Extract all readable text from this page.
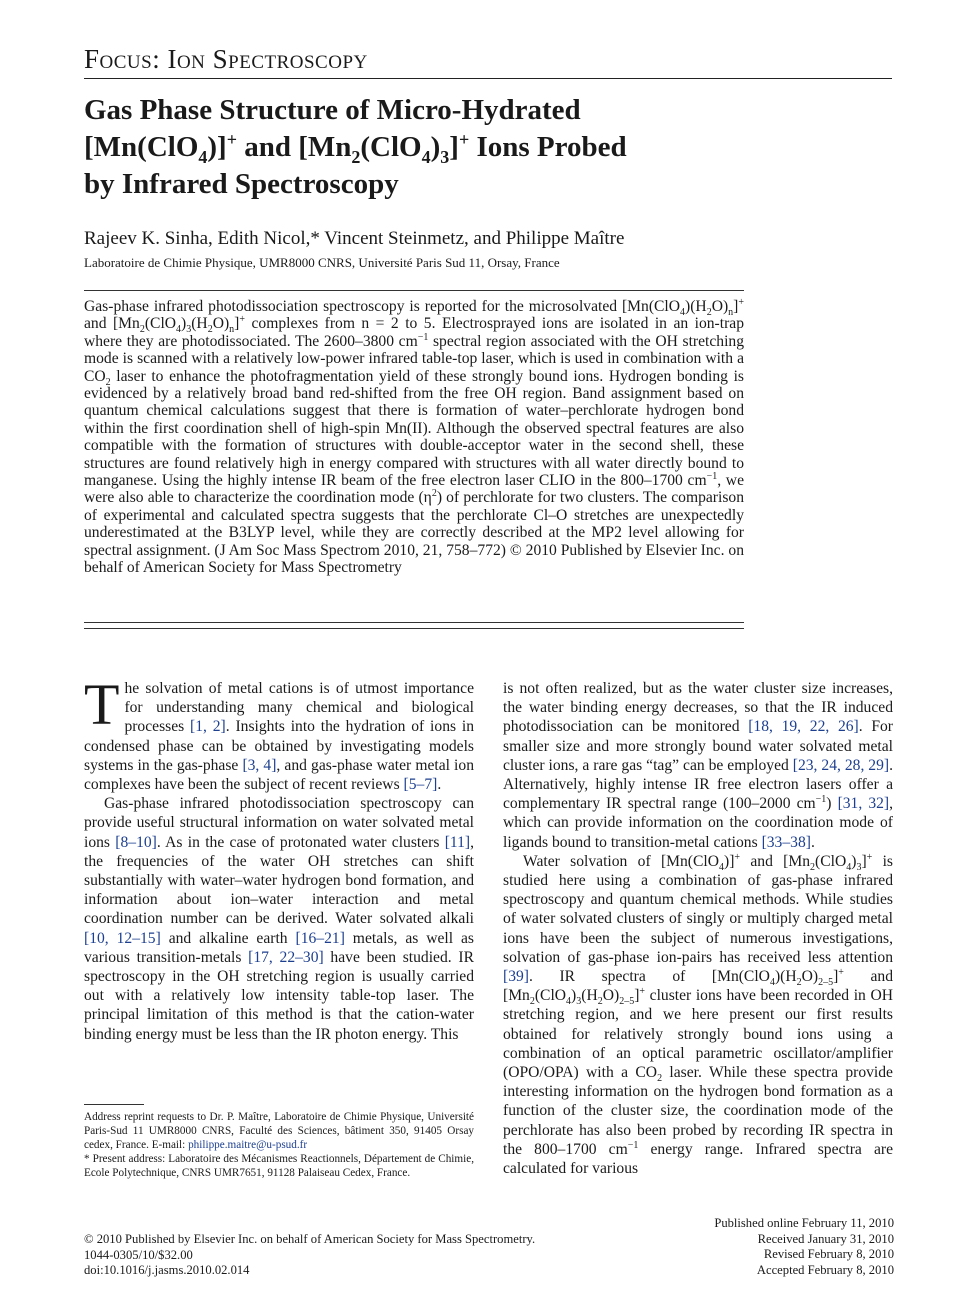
Focus: Ion Spectroscopy
Gas Phase Structure of Micro-Hydrated
[Mn(ClO$_4$)]+ and $[Mn_2(ClO_4)_3]^+$ Ions Probed
by Infrared Spectroscopy
Rajeev K. Sinha, Edith Nicol,* Vincent Steinmetz, and Philippe Maître
Laboratoire de Chimie Physique, UMR8000 CNRS, Université Paris Sud 11, Orsay, France
Gas-phase infrared photodissociation spectroscopy is reported for the microsolvated $[Mn(ClO_4)(H_2O)_n]^+$ and $[Mn_2(ClO_4)_3(H_2O)_n]^+$ complexes from n = 2 to 5. Electrosprayed ions are isolated in an ion-trap where they are photodissociated. The 2600–3800 $cm^{-1}$ spectral region associated with the OH stretching mode is scanned with a relatively low-power infrared table-top laser, which is used in combination with a $CO_2$ laser to enhance the photofragmentation yield of these strongly bound ions. Hydrogen bonding is evidenced by a relatively broad band red-shifted from the free OH region. Band assignment based on quantum chemical calculations suggest that there is formation of water–perchlorate hydrogen bond within the first coordination shell of high-spin Mn(II). Although the observed spectral features are also compatible with the formation of structures with double-acceptor water in the second shell, these structures are found relatively high in energy compared with structures with all water directly bound to manganese. Using the highly intense IR beam of the free electron laser CLIO in the 800–1700 $cm^{-1}$, we were also able to characterize the coordination mode $(\eta^2)$ of perchlorate for two clusters. The comparison of experimental and calculated spectra suggests that the perchlorate Cl–O stretches are unexpectedly underestimated at the B3LYP level, while they are correctly described at the MP2 level allowing for spectral assignment. (J Am Soc Mass Spectrom 2010, 21, 758–772) © 2010 Published by Elsevier Inc. on behalf of American Society for Mass Spectrometry

The solvation of metal cations is of utmost importance for understanding many chemical and biological processes [1, 2]. Insights into the hydration of ions in condensed phase can be obtained by investigating models systems in the gas-phase [3, 4], and gas-phase water metal ion complexes have been the subject of recent reviews [5–7].

Gas-phase infrared photodissociation spectroscopy can provide useful structural information on water solvated metal ions [8–10]. As in the case of protonated water clusters [11], the frequencies of the water OH stretches can shift substantially with water–water hydrogen bond formation, and information about ion–water interaction and metal coordination number can be derived. Water solvated alkali [10, 12–15] and alkaline earth [16–21] metals, as well as various transition-metals [17, 22–30] have been studied. IR spectroscopy in the OH stretching region is usually carried out with a relatively low intensity table-top laser. The principal limitation of this method is that the cation-water binding energy must be less than the IR photon energy. This

is not often realized, but as the water cluster size increases, the water binding energy decreases, so that the IR induced photodissociation can be monitored [18, 19, 22, 26]. For smaller size and more strongly bound water solvated metal cluster ions, a rare gas “tag” can be employed [23, 24, 28, 29]. Alternatively, highly intense IR free electron lasers offer a complementary IR spectral range (100–2000 $cm^{-1}$) [31, 32], which can provide information on the coordination mode of ligands bound to transition-metal cations [33–38].

Water solvation of [Mn(ClO$_4$)]+ and $[Mn_2(ClO_4)_3]^+$ is studied here using a combination of gas-phase infrared spectroscopy and quantum chemical methods. While studies of water solvated clusters of singly or multiply charged metal ions have been the subject of numerous investigations, solvation of gas-phase ion-pairs has received less attention [39]. IR spectra of $[Mn(ClO_4)(H_2O)_{2-5}]^+$ and $[Mn_2(ClO_4)_3(H_2O)_{2-5}]^+$ cluster ions have been recorded in OH stretching region, and we here present our first results obtained for relatively strongly bound ions using a combination of an optical parametric oscillator/amplifier (OPO/OPA) with a $CO_2$ laser. While these spectra provide interesting information on the hydrogen bond formation as a function of the cluster size, the coordination mode of the perchlorate has also been probed by recording IR spectra in the 800–1700 $cm^{-1}$ energy range. Infrared spectra are calculated for various

Address reprint requests to Dr. P. Maître, Laboratoire de Chimie Physique, Université Paris-Sud 11 UMR8000 CNRS, Faculté des Sciences, bâtiment 350, 91405 Orsay cedex, France. E-mail: philippe.maitre@u-psud.fr

* Present address: Laboratoire des Mécanismes Reactionnels, Département de Chimie, Ecole Polytechnique, CNRS UMR7651, 91128 Palaiseau Cedex, France.

© 2010 Published by Elsevier Inc. on behalf of American Society for Mass Spectrometry.
1044-0305/10/$32.00
doi:10.1016/j.jasms.2010.02.014
Published online February 11, 2010
Received January 31, 2010
Revised February 8, 2010
Accepted February 8, 2010
